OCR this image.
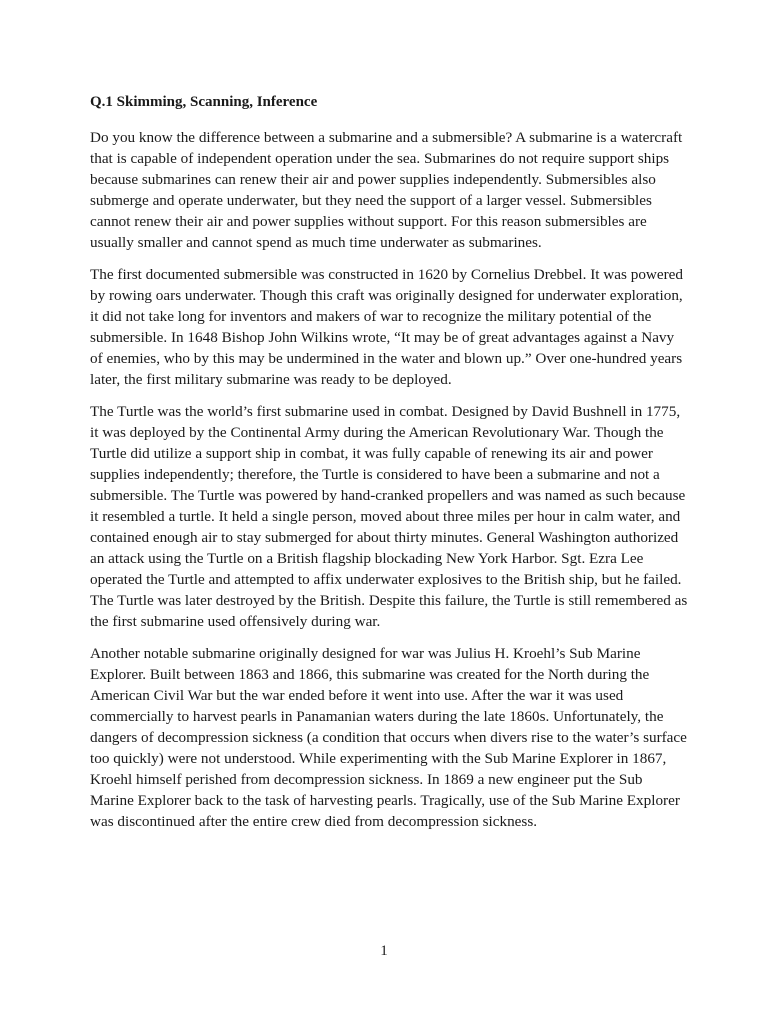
Q.1 Skimming, Scanning, Inference

Do you know the difference between a submarine and a submersible? A submarine is a watercraft that is capable of independent operation under the sea. Submarines do not require support ships because submarines can renew their air and power supplies independently. Submersibles also submerge and operate underwater, but they need the support of a larger vessel. Submersibles cannot renew their air and power supplies without support. For this reason submersibles are usually smaller and cannot spend as much time underwater as submarines.

The first documented submersible was constructed in 1620 by Cornelius Drebbel. It was powered by rowing oars underwater. Though this craft was originally designed for underwater exploration, it did not take long for inventors and makers of war to recognize the military potential of the submersible. In 1648 Bishop John Wilkins wrote, “It may be of great advantages against a Navy of enemies, who by this may be undermined in the water and blown up.” Over one-hundred years later, the first military submarine was ready to be deployed.

The Turtle was the world’s first submarine used in combat. Designed by David Bushnell in 1775, it was deployed by the Continental Army during the American Revolutionary War. Though the Turtle did utilize a support ship in combat, it was fully capable of renewing its air and power supplies independently; therefore, the Turtle is considered to have been a submarine and not a submersible. The Turtle was powered by hand-cranked propellers and was named as such because it resembled a turtle. It held a single person, moved about three miles per hour in calm water, and contained enough air to stay submerged for about thirty minutes. General Washington authorized an attack using the Turtle on a British flagship blockading New York Harbor. Sgt. Ezra Lee operated the Turtle and attempted to affix underwater explosives to the British ship, but he failed. The Turtle was later destroyed by the British. Despite this failure, the Turtle is still remembered as the first submarine used offensively during war.

Another notable submarine originally designed for war was Julius H. Kroehl’s Sub Marine Explorer. Built between 1863 and 1866, this submarine was created for the North during the American Civil War but the war ended before it went into use. After the war it was used commercially to harvest pearls in Panamanian waters during the late 1860s. Unfortunately, the dangers of decompression sickness (a condition that occurs when divers rise to the water’s surface too quickly) were not understood. While experimenting with the Sub Marine Explorer in 1867, Kroehl himself perished from decompression sickness. In 1869 a new engineer put the Sub Marine Explorer back to the task of harvesting pearls. Tragically, use of the Sub Marine Explorer was discontinued after the entire crew died from decompression sickness.

1
